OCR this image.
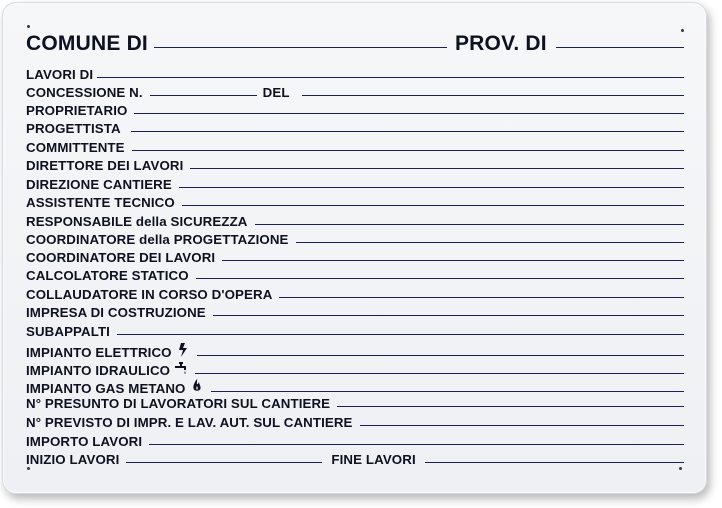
COMUNE DI	PROV. DI
LAVORI DI
CONCESSIONE N.	DEL
PROPRIETARIO
PROGETTISTA
COMMITTENTE
DIRETTORE DEI LAVORI
DIREZIONE CANTIERE
ASSISTENTE TECNICO
RESPONSABILE della SICUREZZA
COORDINATORE della PROGETTAZIONE
COORDINATORE DEI LAVORI
CALCOLATORE STATICO
COLLAUDATORE IN CORSO D'OPERA
IMPRESA DI COSTRUZIONE
SUBAPPALTI
IMPIANTO ELETTRICO
IMPIANTO IDRAULICO
IMPIANTO GAS METANO
N° PRESUNTO DI LAVORATORI SUL CANTIERE
N° PREVISTO DI IMPR. E LAV. AUT. SUL CANTIERE
IMPORTO LAVORI
INIZIO LAVORI	FINE LAVORI
